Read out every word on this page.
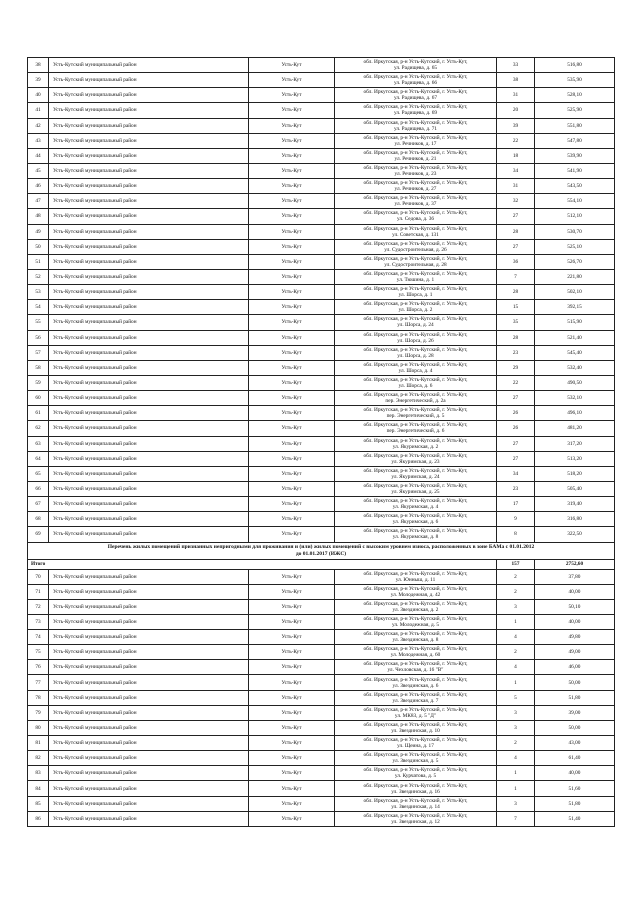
38	Усть-Кутский муниципальный район	Усть-Кут	обл. Иркутская, р-н Усть-Кутский, г. Усть-Кут,
ул. Радищева, д. 65	33	516,80
39	Усть-Кутский муниципальный район	Усть-Кут	обл. Иркутская, р-н Усть-Кутский, г. Усть-Кут,
ул. Радищева, д. 66	38	535,90
40	Усть-Кутский муниципальный район	Усть-Кут	обл. Иркутская, р-н Усть-Кутский, г. Усть-Кут,
ул. Радищева, д. 67	31	528,10
41	Усть-Кутский муниципальный район	Усть-Кут	обл. Иркутская, р-н Усть-Кутский, г. Усть-Кут,
ул. Радищева, д. 69	20	525,90
42	Усть-Кутский муниципальный район	Усть-Кут	обл. Иркутская, р-н Усть-Кутский, г. Усть-Кут,
ул. Радищева, д. 71	39	551,80
43	Усть-Кутский муниципальный район	Усть-Кут	обл. Иркутская, р-н Усть-Кутский, г. Усть-Кут,
ул. Речников, д. 17	22	547,80
44	Усть-Кутский муниципальный район	Усть-Кут	обл. Иркутская, р-н Усть-Кутский, г. Усть-Кут,
ул. Речников, д. 21	18	539,90
45	Усть-Кутский муниципальный район	Усть-Кут	обл. Иркутская, р-н Усть-Кутский, г. Усть-Кут,
ул. Речников, д. 23	34	541,90
46	Усть-Кутский муниципальный район	Усть-Кут	обл. Иркутская, р-н Усть-Кутский, г. Усть-Кут,
ул. Речников, д. 27	31	543,50
47	Усть-Кутский муниципальный район	Усть-Кут	обл. Иркутская, р-н Усть-Кутский, г. Усть-Кут,
ул. Речников, д. 37	32	554,10
48	Усть-Кутский муниципальный район	Усть-Кут	обл. Иркутская, р-н Усть-Кутский, г. Усть-Кут,
ул. Седова, д. 36	27	512,10
49	Усть-Кутский муниципальный район	Усть-Кут	обл. Иркутская, р-н Усть-Кутский, г. Усть-Кут,
ул. Советская, д. 131	28	530,70
50	Усть-Кутский муниципальный район	Усть-Кут	обл. Иркутская, р-н Усть-Кутский, г. Усть-Кут,
ул. Судостроительная, д. 26	27	525,10
51	Усть-Кутский муниципальный район	Усть-Кут	обл. Иркутская, р-н Усть-Кутский, г. Усть-Кут,
ул. Судостроительная, д. 28	36	526,70
52	Усть-Кутский муниципальный район	Усть-Кут	обл. Иркутская, р-н Усть-Кутский, г. Усть-Кут,
ул. Тюшина, д. 1	7	221,80
53	Усть-Кутский муниципальный район	Усть-Кут	обл. Иркутская, р-н Усть-Кутский, г. Усть-Кут,
ул. Шорса, д. 1	28	502,10
54	Усть-Кутский муниципальный район	Усть-Кут	обл. Иркутская, р-н Усть-Кутский, г. Усть-Кут,
ул. Шорса, д. 2	15	392,15
55	Усть-Кутский муниципальный район	Усть-Кут	обл. Иркутская, р-н Усть-Кутский, г. Усть-Кут,
ул. Шорса, д. 24	35	515,90
56	Усть-Кутский муниципальный район	Усть-Кут	обл. Иркутская, р-н Усть-Кутский, г. Усть-Кут,
ул. Шорса, д. 26	28	521,40
57	Усть-Кутский муниципальный район	Усть-Кут	обл. Иркутская, р-н Усть-Кутский, г. Усть-Кут,
ул. Шорса, д. 28	23	545,40
58	Усть-Кутский муниципальный район	Усть-Кут	обл. Иркутская, р-н Усть-Кутский, г. Усть-Кут,
ул. Шорса, д. 4	29	532,40
59	Усть-Кутский муниципальный район	Усть-Кут	обл. Иркутская, р-н Усть-Кутский, г. Усть-Кут,
ул. Шорса, д. 6	22	490,50
60	Усть-Кутский муниципальный район	Усть-Кут	обл. Иркутская, р-н Усть-Кутский, г. Усть-Кут,
пер. Энергетический, д. 2а	27	532,10
61	Усть-Кутский муниципальный район	Усть-Кут	обл. Иркутская, р-н Усть-Кутский, г. Усть-Кут,
пер. Энергетический, д. 5	26	496,10
62	Усть-Кутский муниципальный район	Усть-Кут	обл. Иркутская, р-н Усть-Кутский, г. Усть-Кут,
пер. Энергетический, д. 6	26	481,20
63	Усть-Кутский муниципальный район	Усть-Кут	обл. Иркутская, р-н Усть-Кутский, г. Усть-Кут,
ул. Якуримская, д. 2	27	317,20
64	Усть-Кутский муниципальный район	Усть-Кут	обл. Иркутская, р-н Усть-Кутский, г. Усть-Кут,
ул. Якуримская, д. 23	27	513,20
65	Усть-Кутский муниципальный район	Усть-Кут	обл. Иркутская, р-н Усть-Кутский, г. Усть-Кут,
ул. Якуримская, д. 24	34	518,20
66	Усть-Кутский муниципальный район	Усть-Кут	обл. Иркутская, р-н Усть-Кутский, г. Усть-Кут,
ул. Якуримская, д. 25	23	505,40
67	Усть-Кутский муниципальный район	Усть-Кут	обл. Иркутская, р-н Усть-Кутский, г. Усть-Кут,
ул. Якуримская, д. 4	17	319,40
68	Усть-Кутский муниципальный район	Усть-Кут	обл. Иркутская, р-н Усть-Кутский, г. Усть-Кут,
ул. Якуримская, д. 6	9	316,80
69	Усть-Кутский муниципальный район	Усть-Кут	обл. Иркутская, р-н Усть-Кутский, г. Усть-Кут,
ул. Якуримская, д. 8	8	322,50

Перечень жилых помещений признанных непригодными для проживания и (или) жилых помещений с высоким уровнем износа, расположенных в зоне БАМа с 01.01.2012
до 01.01.2017 (ИЖС)					

Итого				157	2752,60
70	Усть-Кутский муниципальный район	Усть-Кут	обл. Иркутская, р-н Усть-Кутский, г. Усть-Кут,
ул. Юнныш, д. 11	2	37,80
71	Усть-Кутский муниципальный район	Усть-Кут	обл. Иркутская, р-н Усть-Кутский, г. Усть-Кут,
ул. Молодежная, д. 42	2	40,00
72	Усть-Кутский муниципальный район	Усть-Кут	обл. Иркутская, р-н Усть-Кутский, г. Усть-Кут,
ул. Звездинская, д. 2	3	50,10
73	Усть-Кутский муниципальный район	Усть-Кут	обл. Иркутская, р-н Усть-Кутский, г. Усть-Кут,
ул. Молодежная, д. 5	1	40,00
74	Усть-Кутский муниципальный район	Усть-Кут	обл. Иркутская, р-н Усть-Кутский, г. Усть-Кут,
ул. Звездинская, д. 8	4	49,80
75	Усть-Кутский муниципальный район	Усть-Кут	обл. Иркутская, р-н Усть-Кутский, г. Усть-Кут,
ул. Молодежная, д. 60	2	49,00
76	Усть-Кутский муниципальный район	Усть-Кут	обл. Иркутская, р-н Усть-Кутский, г. Усть-Кут,
ул. Чехловская, д. 16 "В"	4	46,00
77	Усть-Кутский муниципальный район	Усть-Кут	обл. Иркутская, р-н Усть-Кутский, г. Усть-Кут,
ул. Звездинская, д. 6	1	50,00
78	Усть-Кутский муниципальный район	Усть-Кут	обл. Иркутская, р-н Усть-Кутский, г. Усть-Кут,
ул. Звездинская, д. 7	5	51,80
79	Усть-Кутский муниципальный район	Усть-Кут	обл. Иркутская, р-н Усть-Кутский, г. Усть-Кут,
ул. МК83, д. 5 "Д"	3	39,00
80	Усть-Кутский муниципальный район	Усть-Кут	обл. Иркутская, р-н Усть-Кутский, г. Усть-Кут,
ул. Звездинская, д. 10	3	50,00
81	Усть-Кутский муниципальный район	Усть-Кут	обл. Иркутская, р-н Усть-Кутский, г. Усть-Кут,
ул. Щеина, д. 17	2	43,00
82	Усть-Кутский муниципальный район	Усть-Кут	обл. Иркутская, р-н Усть-Кутский, г. Усть-Кут,
ул. Звездинская, д. 5	4	61,40
83	Усть-Кутский муниципальный район	Усть-Кут	обл. Иркутская, р-н Усть-Кутский, г. Усть-Кут,
ул. Курчатова, д. 5	1	40,00
84	Усть-Кутский муниципальный район	Усть-Кут	обл. Иркутская, р-н Усть-Кутский, г. Усть-Кут,
ул. Звездинская, д. 16	1	51,60
85	Усть-Кутский муниципальный район	Усть-Кут	обл. Иркутская, р-н Усть-Кутский, г. Усть-Кут,
ул. Звездинская, д. 14	3	51,80
86	Усть-Кутский муниципальный район	Усть-Кут	обл. Иркутская, р-н Усть-Кутский, г. Усть-Кут,
ул. Звездинская, д. 12	7	51,40
